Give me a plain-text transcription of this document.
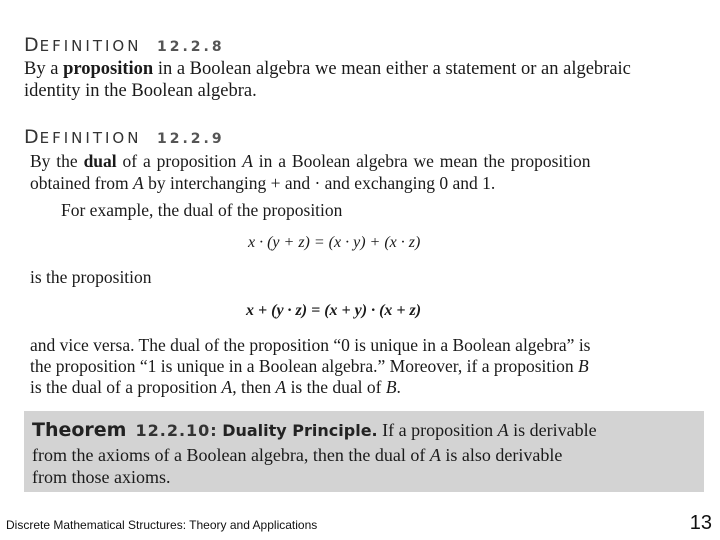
DEFINITION 12.2.8
By a proposition in a Boolean algebra we mean either a statement or an algebraic
identity in the Boolean algebra.
DEFINITION 12.2.9
By the dual of a proposition A in a Boolean algebra we mean the proposition
obtained from A by interchanging + and · and exchanging 0 and 1.
For example, the dual of the proposition
x · (y + z) = (x · y) + (x · z)
is the proposition
x + (y · z) = (x + y) · (x + z)
and vice versa. The dual of the proposition “0 is unique in a Boolean algebra” is
the proposition “1 is unique in a Boolean algebra.” Moreover, if a proposition B
is the dual of a proposition A, then A is the dual of B.
Theorem 12.2.10: Duality Principle. If a proposition A is derivable
from the axioms of a Boolean algebra, then the dual of A is also derivable
from those axioms.
Discrete Mathematical Structures: Theory and Applications	13
